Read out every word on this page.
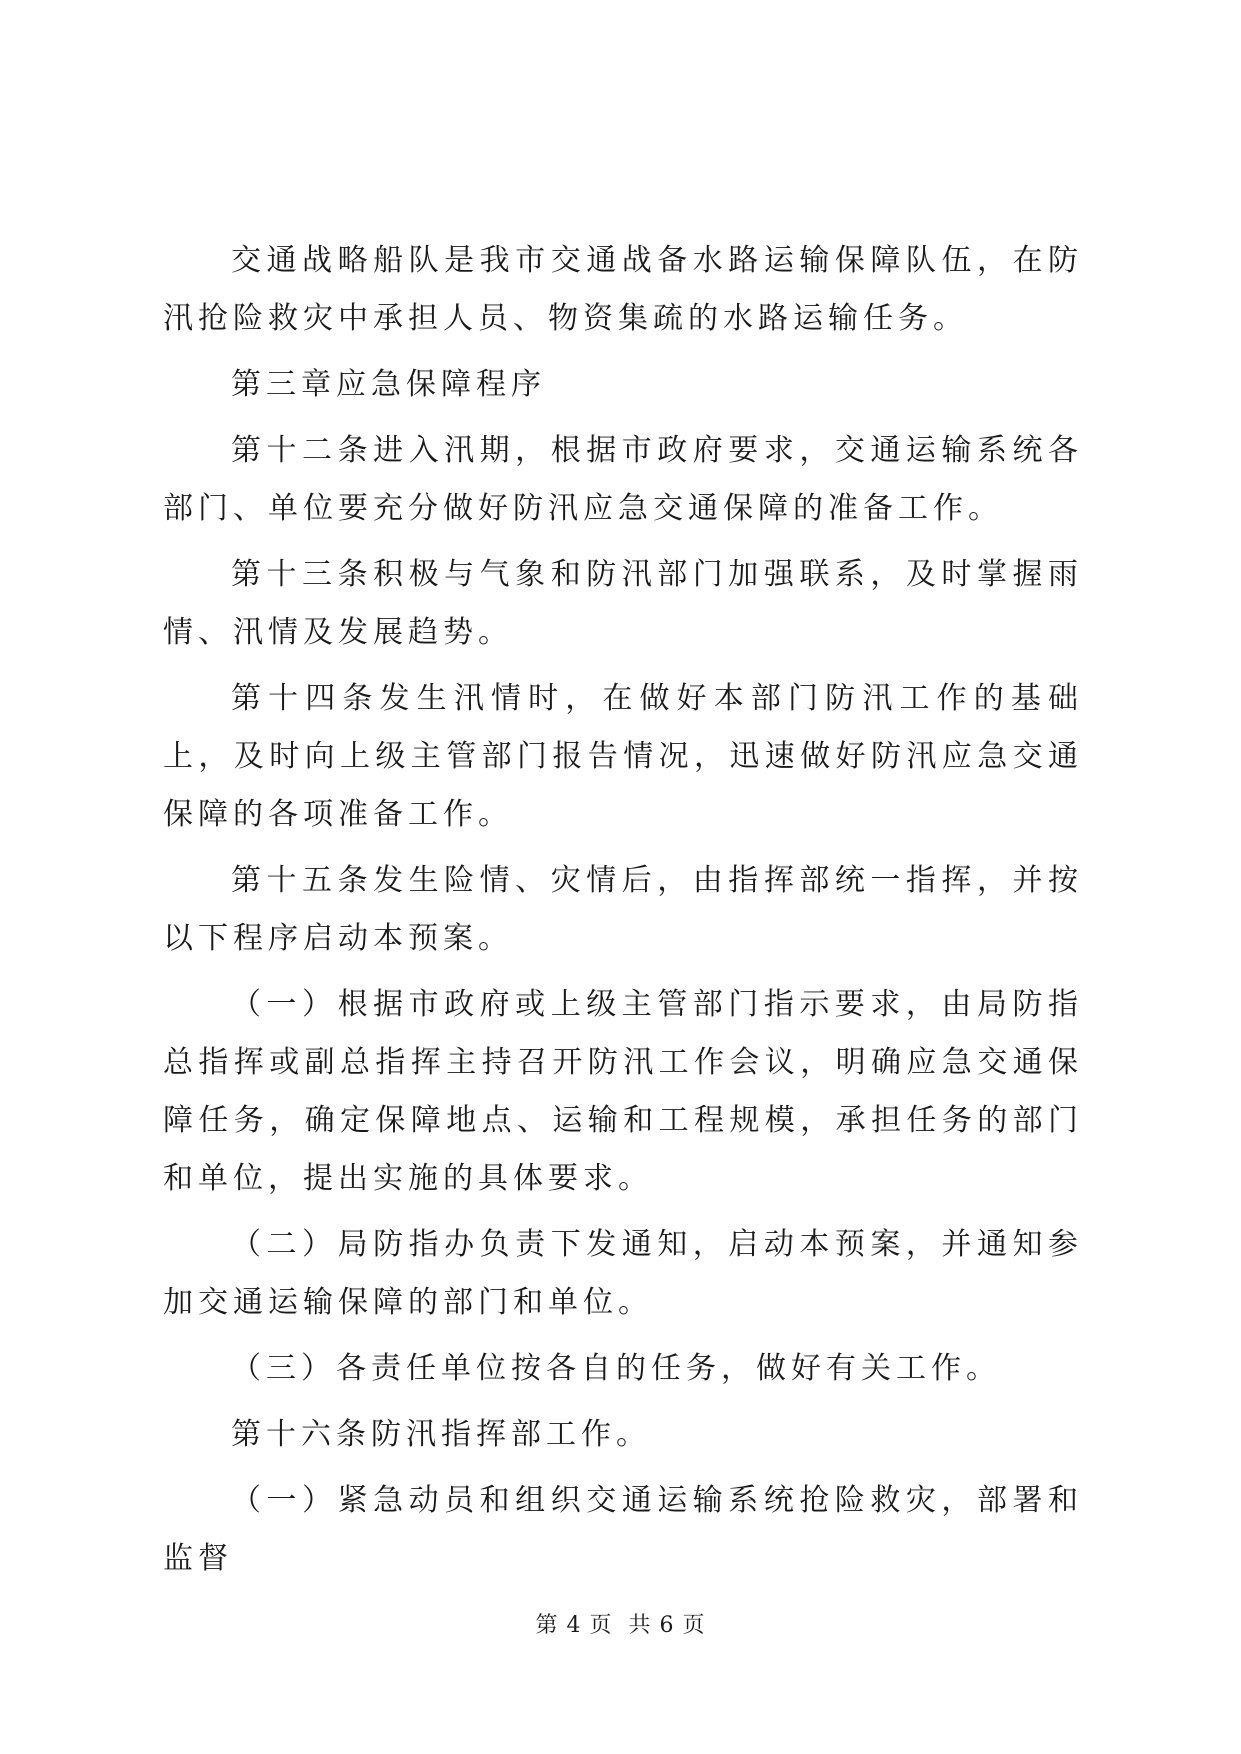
交通战略船队是我市交通战备水路运输保障队伍，在防汛抢险救灾中承担人员、物资集疏的水路运输任务。

第三章应急保障程序

第十二条进入汛期，根据市政府要求，交通运输系统各部门、单位要充分做好防汛应急交通保障的准备工作。

第十三条积极与气象和防汛部门加强联系，及时掌握雨情、汛情及发展趋势。

第十四条发生汛情时，在做好本部门防汛工作的基础上，及时向上级主管部门报告情况，迅速做好防汛应急交通保障的各项准备工作。

第十五条发生险情、灾情后，由指挥部统一指挥，并按以下程序启动本预案。

（一）根据市政府或上级主管部门指示要求，由局防指总指挥或副总指挥主持召开防汛工作会议，明确应急交通保障任务，确定保障地点、运输和工程规模，承担任务的部门和单位，提出实施的具体要求。

（二）局防指办负责下发通知，启动本预案，并通知参加交通运输保障的部门和单位。

（三）各责任单位按各自的任务，做好有关工作。

第十六条防汛指挥部工作。

（一）紧急动员和组织交通运输系统抢险救灾，部署和监督

第 4 页  共 6 页
